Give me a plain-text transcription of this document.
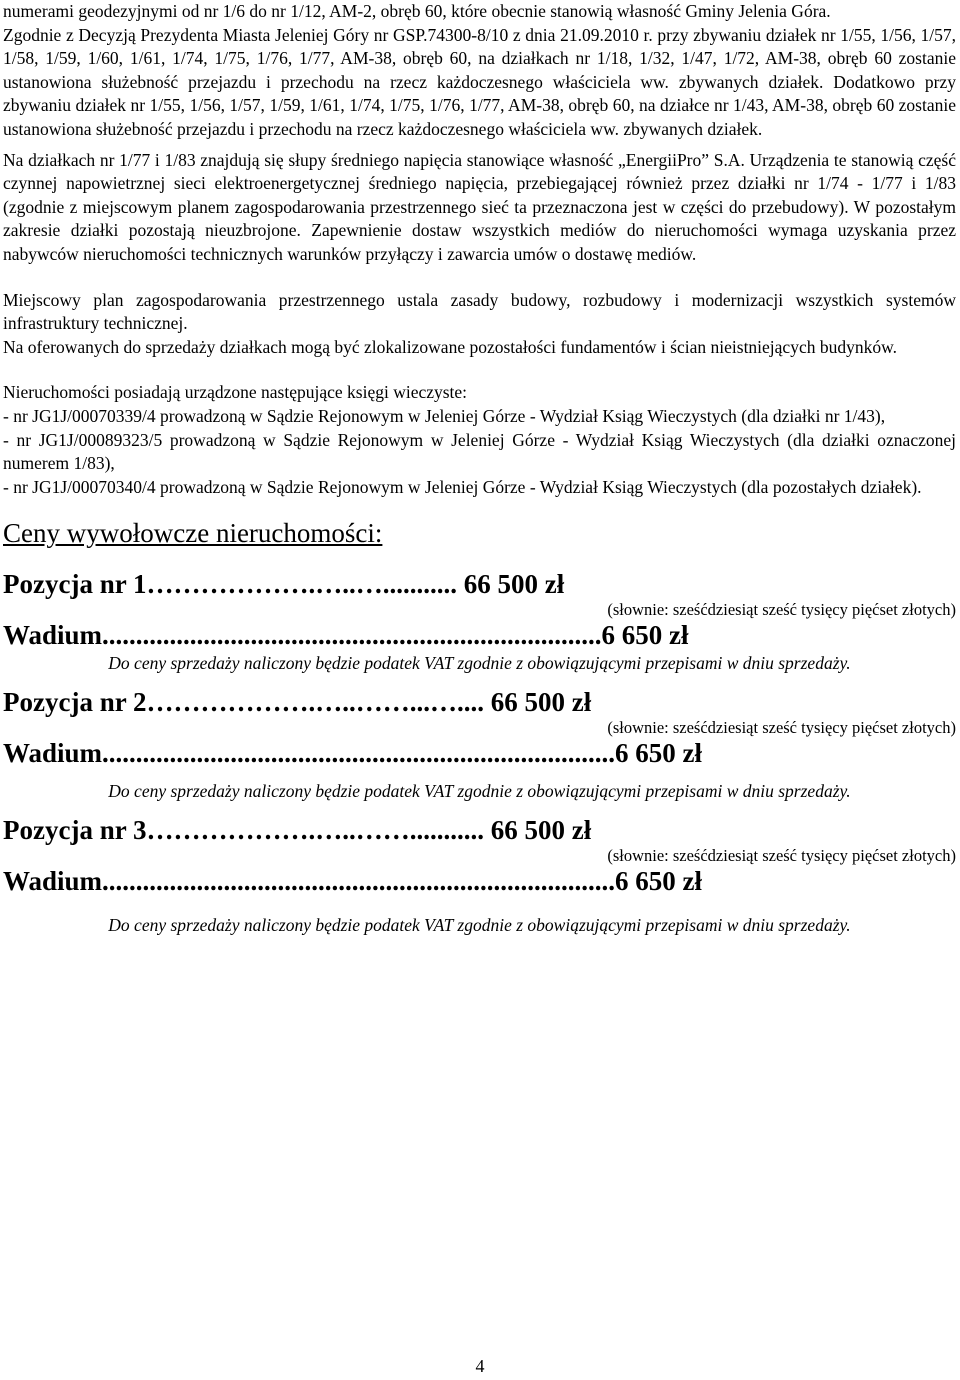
numerami geodezyjnymi od nr 1/6 do nr 1/12, AM-2, obręb 60, które obecnie stanowią własność Gminy Jelenia Góra.

Zgodnie z Decyzją Prezydenta Miasta Jeleniej Góry nr GSP.74300-8/10 z dnia 21.09.2010 r. przy zbywaniu działek nr 1/55, 1/56, 1/57, 1/58, 1/59, 1/60, 1/61, 1/74, 1/75, 1/76, 1/77, AM-38, obręb 60, na działkach nr 1/18, 1/32, 1/47, 1/72, AM-38, obręb 60 zostanie ustanowiona służebność przejazdu i przechodu na rzecz każdoczesnego właściciela ww. zbywanych działek. Dodatkowo przy zbywaniu działek nr 1/55, 1/56, 1/57, 1/59, 1/61, 1/74, 1/75, 1/76, 1/77, AM-38, obręb 60, na działce nr 1/43, AM-38, obręb 60 zostanie ustanowiona służebność przejazdu i przechodu na rzecz każdoczesnego właściciela ww. zbywanych działek.

Na działkach nr 1/77 i 1/83 znajdują się słupy średniego napięcia stanowiące własność „EnergiiPro” S.A. Urządzenia te stanowią część czynnej napowietrznej sieci elektroenergetycznej średniego napięcia, przebiegającej również przez działki nr 1/74 - 1/77 i 1/83 (zgodnie z miejscowym planem zagospodarowania przestrzennego sieć ta przeznaczona jest w części do przebudowy). W pozostałym zakresie działki pozostają nieuzbrojone. Zapewnienie dostaw wszystkich mediów do nieruchomości wymaga uzyskania przez nabywców nieruchomości technicznych warunków przyłączy i zawarcia umów o dostawę mediów.

Miejscowy plan zagospodarowania przestrzennego ustala zasady budowy, rozbudowy i modernizacji wszystkich systemów infrastruktury technicznej.

Na oferowanych do sprzedaży działkach mogą być zlokalizowane pozostałości fundamentów i ścian nieistniejących budynków.

Nieruchomości posiadają urządzone następujące księgi wieczyste:

- nr JG1J/00070339/4 prowadzoną w Sądzie Rejonowym w Jeleniej Górze - Wydział Ksiąg Wieczystych (dla działki nr 1/43),

- nr JG1J/00089323/5 prowadzoną w Sądzie Rejonowym w Jeleniej Górze - Wydział Ksiąg Wieczystych (dla działki oznaczonej numerem 1/83),

- nr JG1J/00070340/4 prowadzoną w Sądzie Rejonowym w Jeleniej Górze - Wydział Ksiąg Wieczystych (dla pozostałych działek).

Ceny wywołowcze nieruchomości:

Pozycja nr 1……………….…..…........... 66 500 zł

(słownie: sześćdziesiąt sześć tysięcy pięćset złotych)

Wadium..........................................................................6 650 zł

Do ceny sprzedaży naliczony będzie podatek VAT zgodnie z obowiązującymi przepisami w dniu sprzedaży.

Pozycja nr 2……………….…..……...….... 66 500 zł

(słownie: sześćdziesiąt sześć tysięcy pięćset złotych)

Wadium............................................................................6 650 zł

Do ceny sprzedaży naliczony będzie podatek VAT zgodnie z obowiązującymi przepisami w dniu sprzedaży.

Pozycja nr 3……………….…..……........... 66 500 zł

(słownie: sześćdziesiąt sześć tysięcy pięćset złotych)

Wadium............................................................................6 650 zł

Do ceny sprzedaży naliczony będzie podatek VAT zgodnie z obowiązującymi przepisami w dniu sprzedaży.

4
